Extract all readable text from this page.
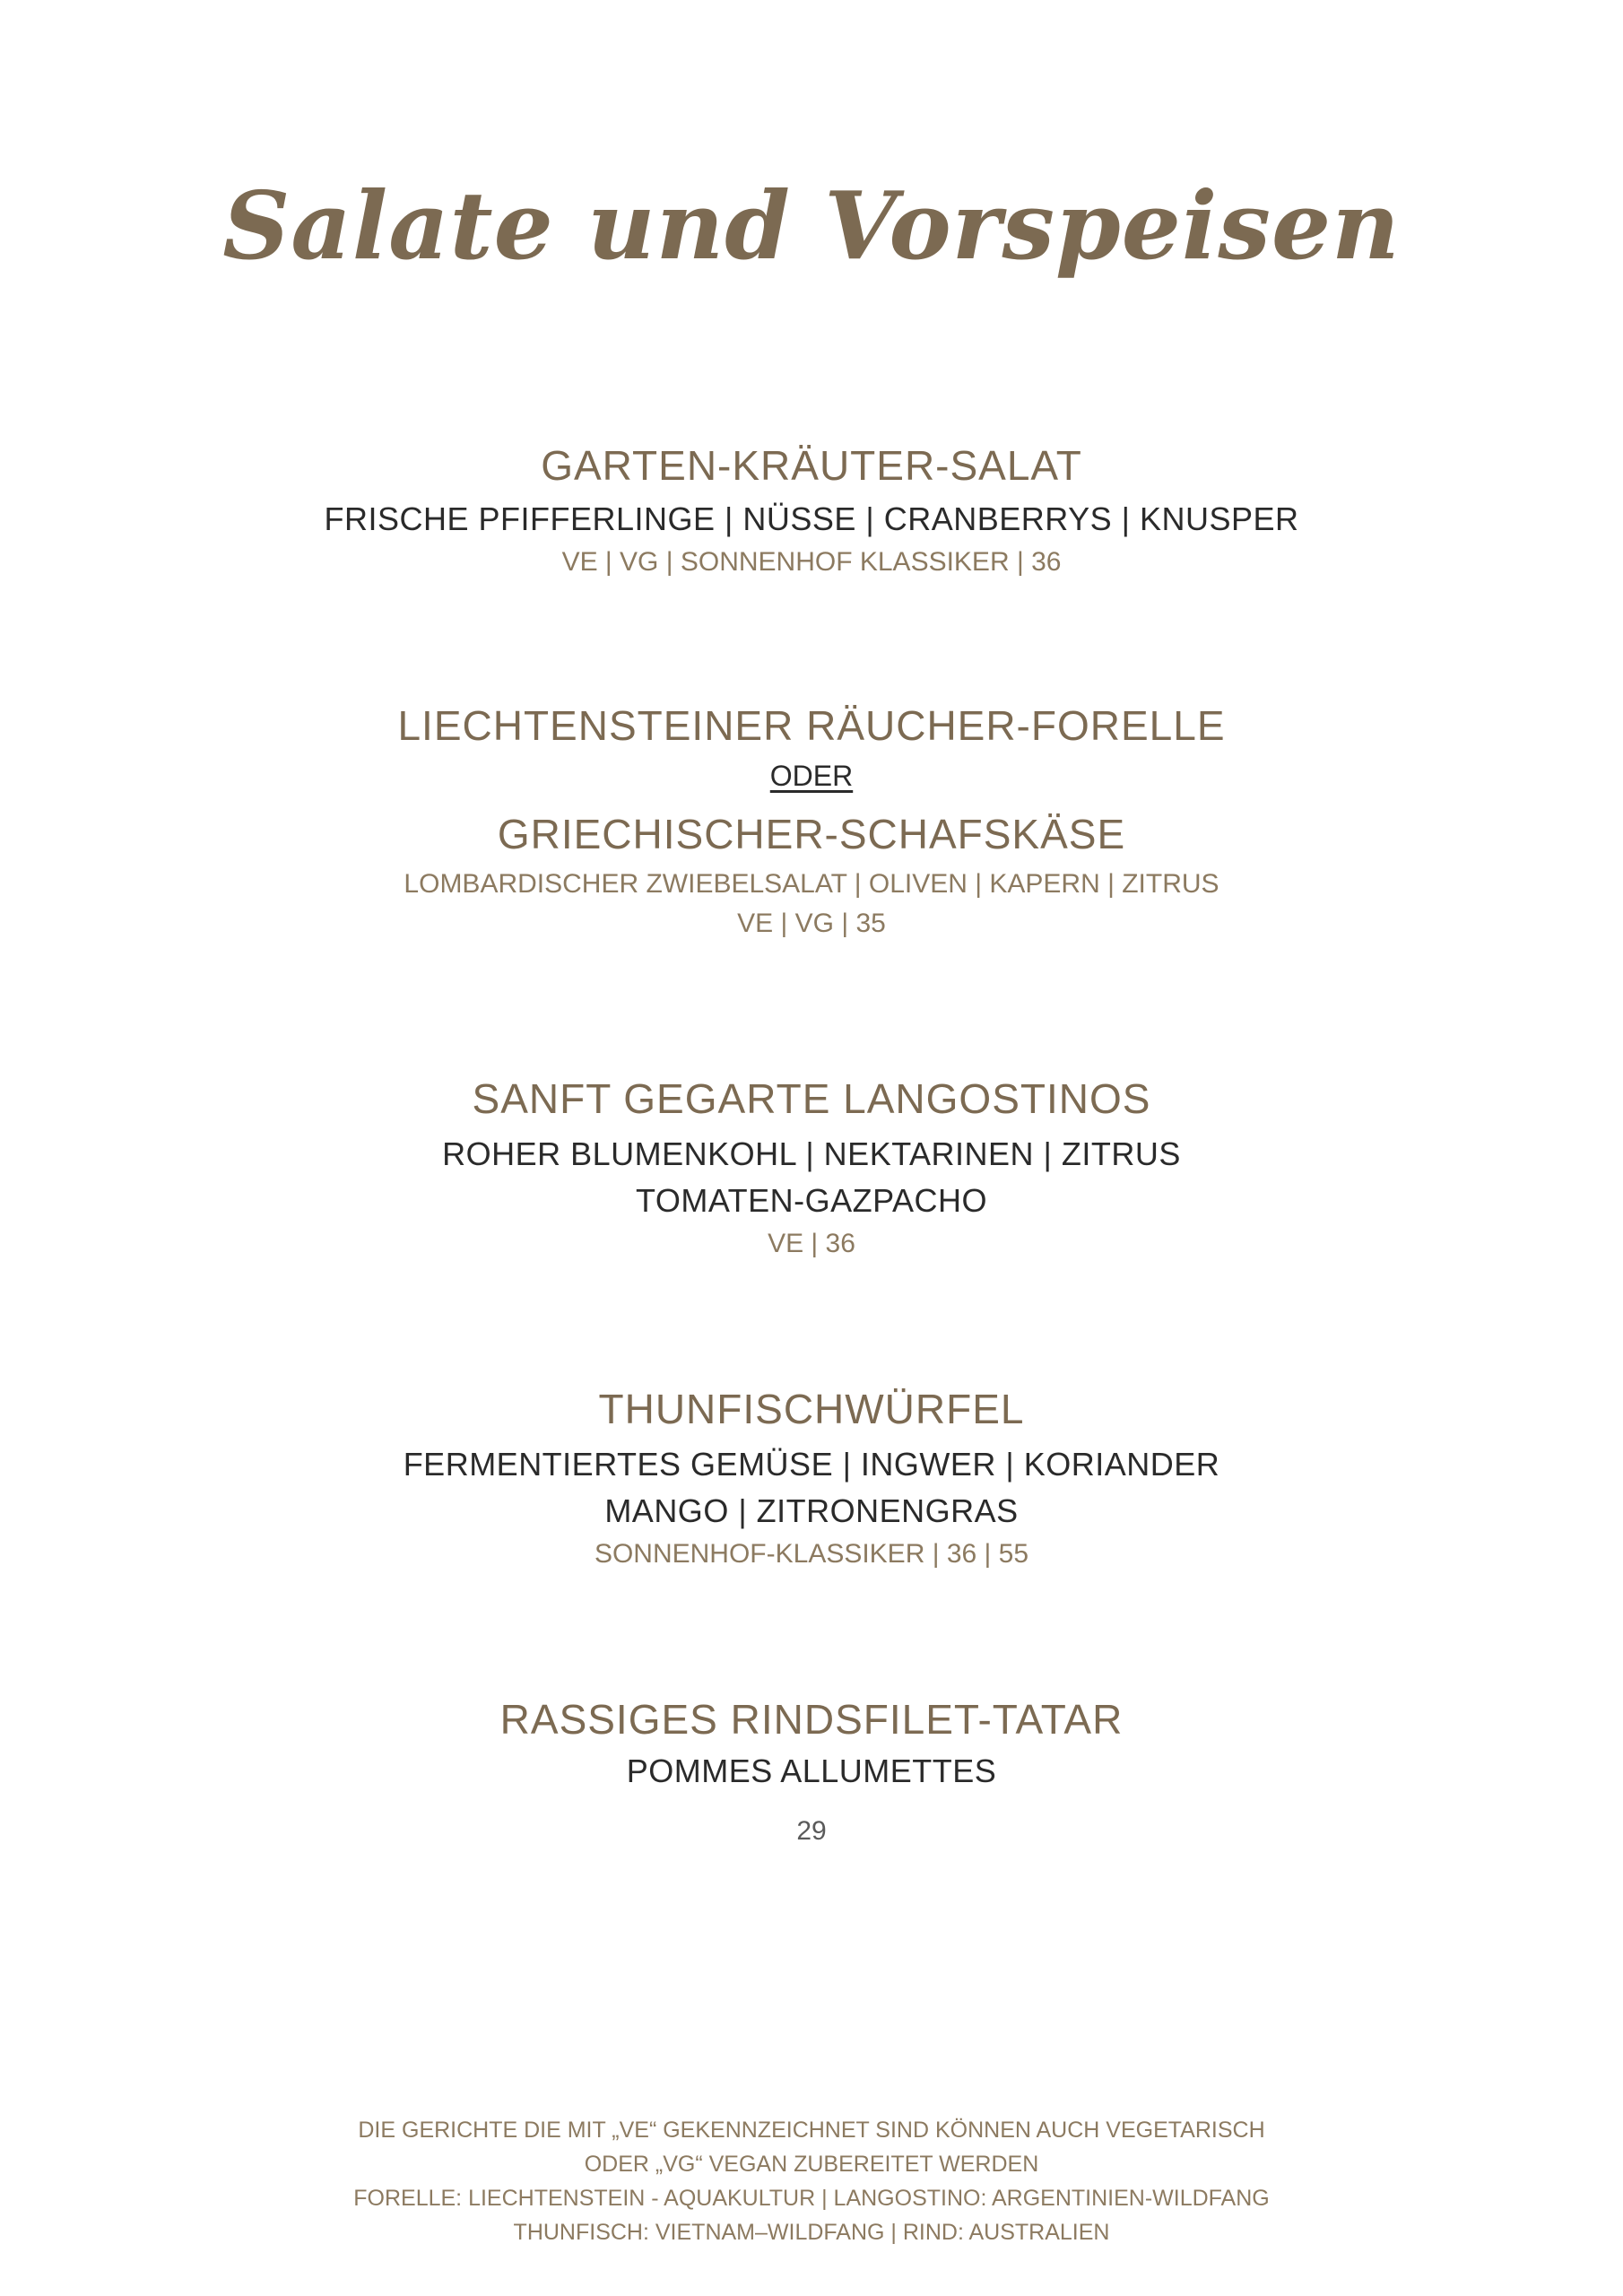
Salate und Vorspeisen

GARTEN-KRÄUTER-SALAT

FRISCHE PFIFFERLINGE | NÜSSE | CRANBERRYS | KNUSPER

VE | VG | SONNENHOF KLASSIKER | 36

LIECHTENSTEINER RÄUCHER-FORELLE

ODER

GRIECHISCHER-SCHAFSKÄSE

LOMBARDISCHER ZWIEBELSALAT | OLIVEN | KAPERN | ZITRUS

VE | VG | 35

SANFT GEGARTE LANGOSTINOS

ROHER BLUMENKOHL | NEKTARINEN | ZITRUS

TOMATEN-GAZPACHO

VE | 36

THUNFISCHWÜRFEL

FERMENTIERTES GEMÜSE | INGWER | KORIANDER

MANGO | ZITRONENGRAS

SONNENHOF-KLASSIKER | 36 | 55

RASSIGES RINDSFILET-TATAR

POMMES ALLUMETTES

29

DIE GERICHTE DIE MIT „VE“ GEKENNZEICHNET SIND KÖNNEN AUCH VEGETARISCH
ODER „VG“ VEGAN ZUBEREITET WERDEN
FORELLE: LIECHTENSTEIN - AQUAKULTUR | LANGOSTINO: ARGENTINIEN-WILDFANG
THUNFISCH: VIETNAM–WILDFANG | RIND: AUSTRALIEN
